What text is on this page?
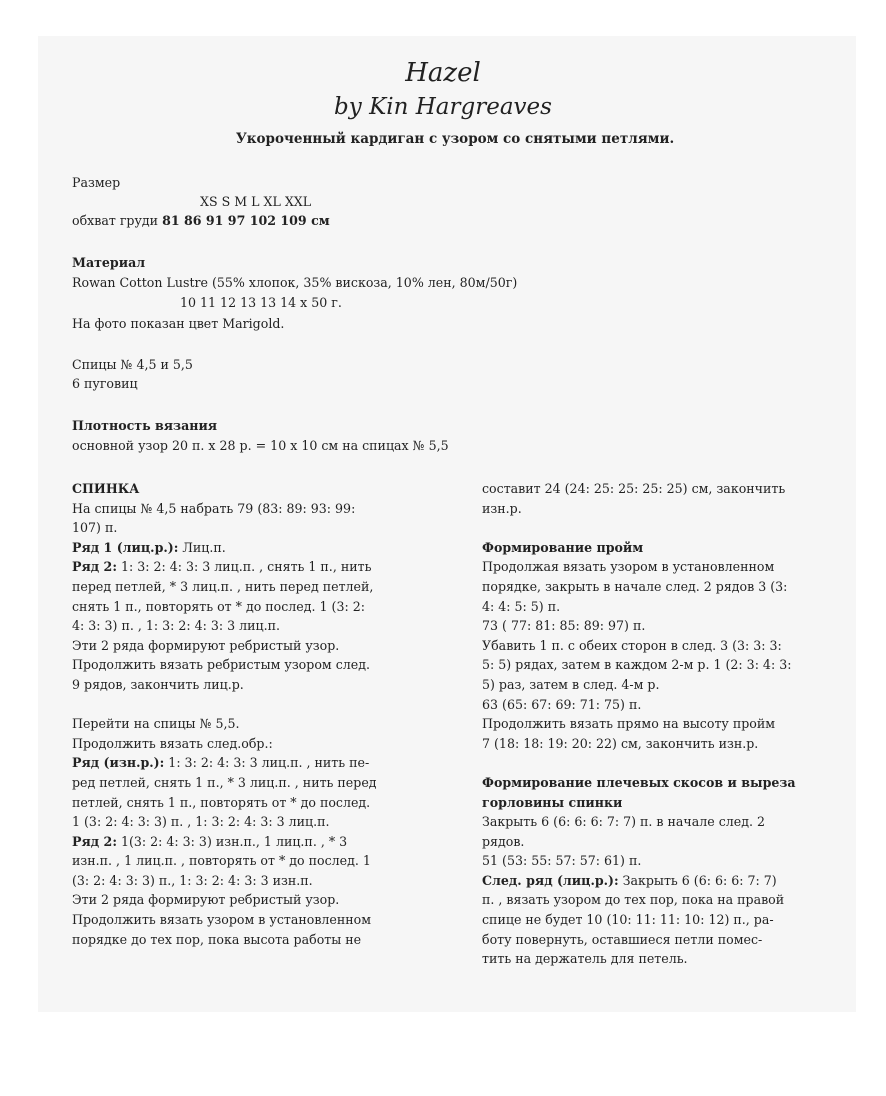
Hazel
by Kin Hargreaves
Укороченный кардиган с узором со снятыми петлями.
Размер
XS S M L XL XXL
обхват груди 81 86 91 97 102 109 см
Материал
Rowan Cotton Lustre (55% хлопок, 35% вискоза, 10% лен, 80м/50г)
10 11 12 13 13 14 х 50 г.
На фото показан цвет Marigold.
Спицы № 4,5 и 5,5
6 пуговиц
Плотность вязания
основной узор 20 п. х 28 р. = 10 х 10 см на спицах № 5,5

СПИНКА

На спицы № 4,5 набрать 79 (83: 89: 93: 99:

107) п.

Ряд 1 (лиц.р.): Лиц.п.

Ряд 2: 1: 3: 2: 4: 3: 3 лиц.п. , снять 1 п., нить

перед петлей, * 3 лиц.п. , нить перед петлей,

снять 1 п., повторять от * до послед. 1 (3: 2:

4: 3: 3) п. , 1: 3: 2: 4: 3: 3 лиц.п.

Эти 2 ряда формируют ребристый узор.

Продолжить вязать ребристым узором след.

9 рядов, закончить лиц.р.

Перейти на спицы № 5,5.

Продолжить вязать след.обр.:

Ряд (изн.р.): 1: 3: 2: 4: 3: 3 лиц.п. , нить пе-

ред петлей, снять 1 п., * 3 лиц.п. , нить перед

петлей, снять 1 п., повторять от * до послед.

1 (3: 2: 4: 3: 3) п. , 1: 3: 2: 4: 3: 3 лиц.п.

Ряд 2: 1(3: 2: 4: 3: 3) изн.п., 1 лиц.п. , * 3

изн.п. , 1 лиц.п. , повторять от * до послед. 1

(3: 2: 4: 3: 3) п., 1: 3: 2: 4: 3: 3 изн.п.

Эти 2 ряда формируют ребристый узор.

Продолжить вязать узором в установленном

порядке до тех пор, пока высота работы не

составит 24 (24: 25: 25: 25: 25) см, закончить

изн.р.

Формирование пройм

Продолжая вязать узором в установленном

порядке, закрыть в начале след. 2 рядов 3 (3:

4: 4: 5: 5) п.

73 ( 77: 81: 85: 89: 97) п.

Убавить 1 п. с обеих сторон в след. 3 (3: 3: 3:

5: 5) рядах, затем в каждом 2-м р. 1 (2: 3: 4: 3:

5) раз, затем в след. 4-м р.

63 (65: 67: 69: 71: 75) п.

Продолжить вязать прямо на высоту пройм

7 (18: 18: 19: 20: 22) см, закончить изн.р.

Формирование плечевых скосов и выреза

горловины спинки

Закрыть 6 (6: 6: 6: 7: 7) п. в начале след. 2

рядов.

51 (53: 55: 57: 57: 61) п.

След. ряд (лиц.р.): Закрыть 6 (6: 6: 6: 7: 7)

п. , вязать узором до тех пор, пока на правой

спице не будет 10 (10: 11: 11: 10: 12) п., ра-

боту повернуть, оставшиеся петли помес-

тить на держатель для петель.
